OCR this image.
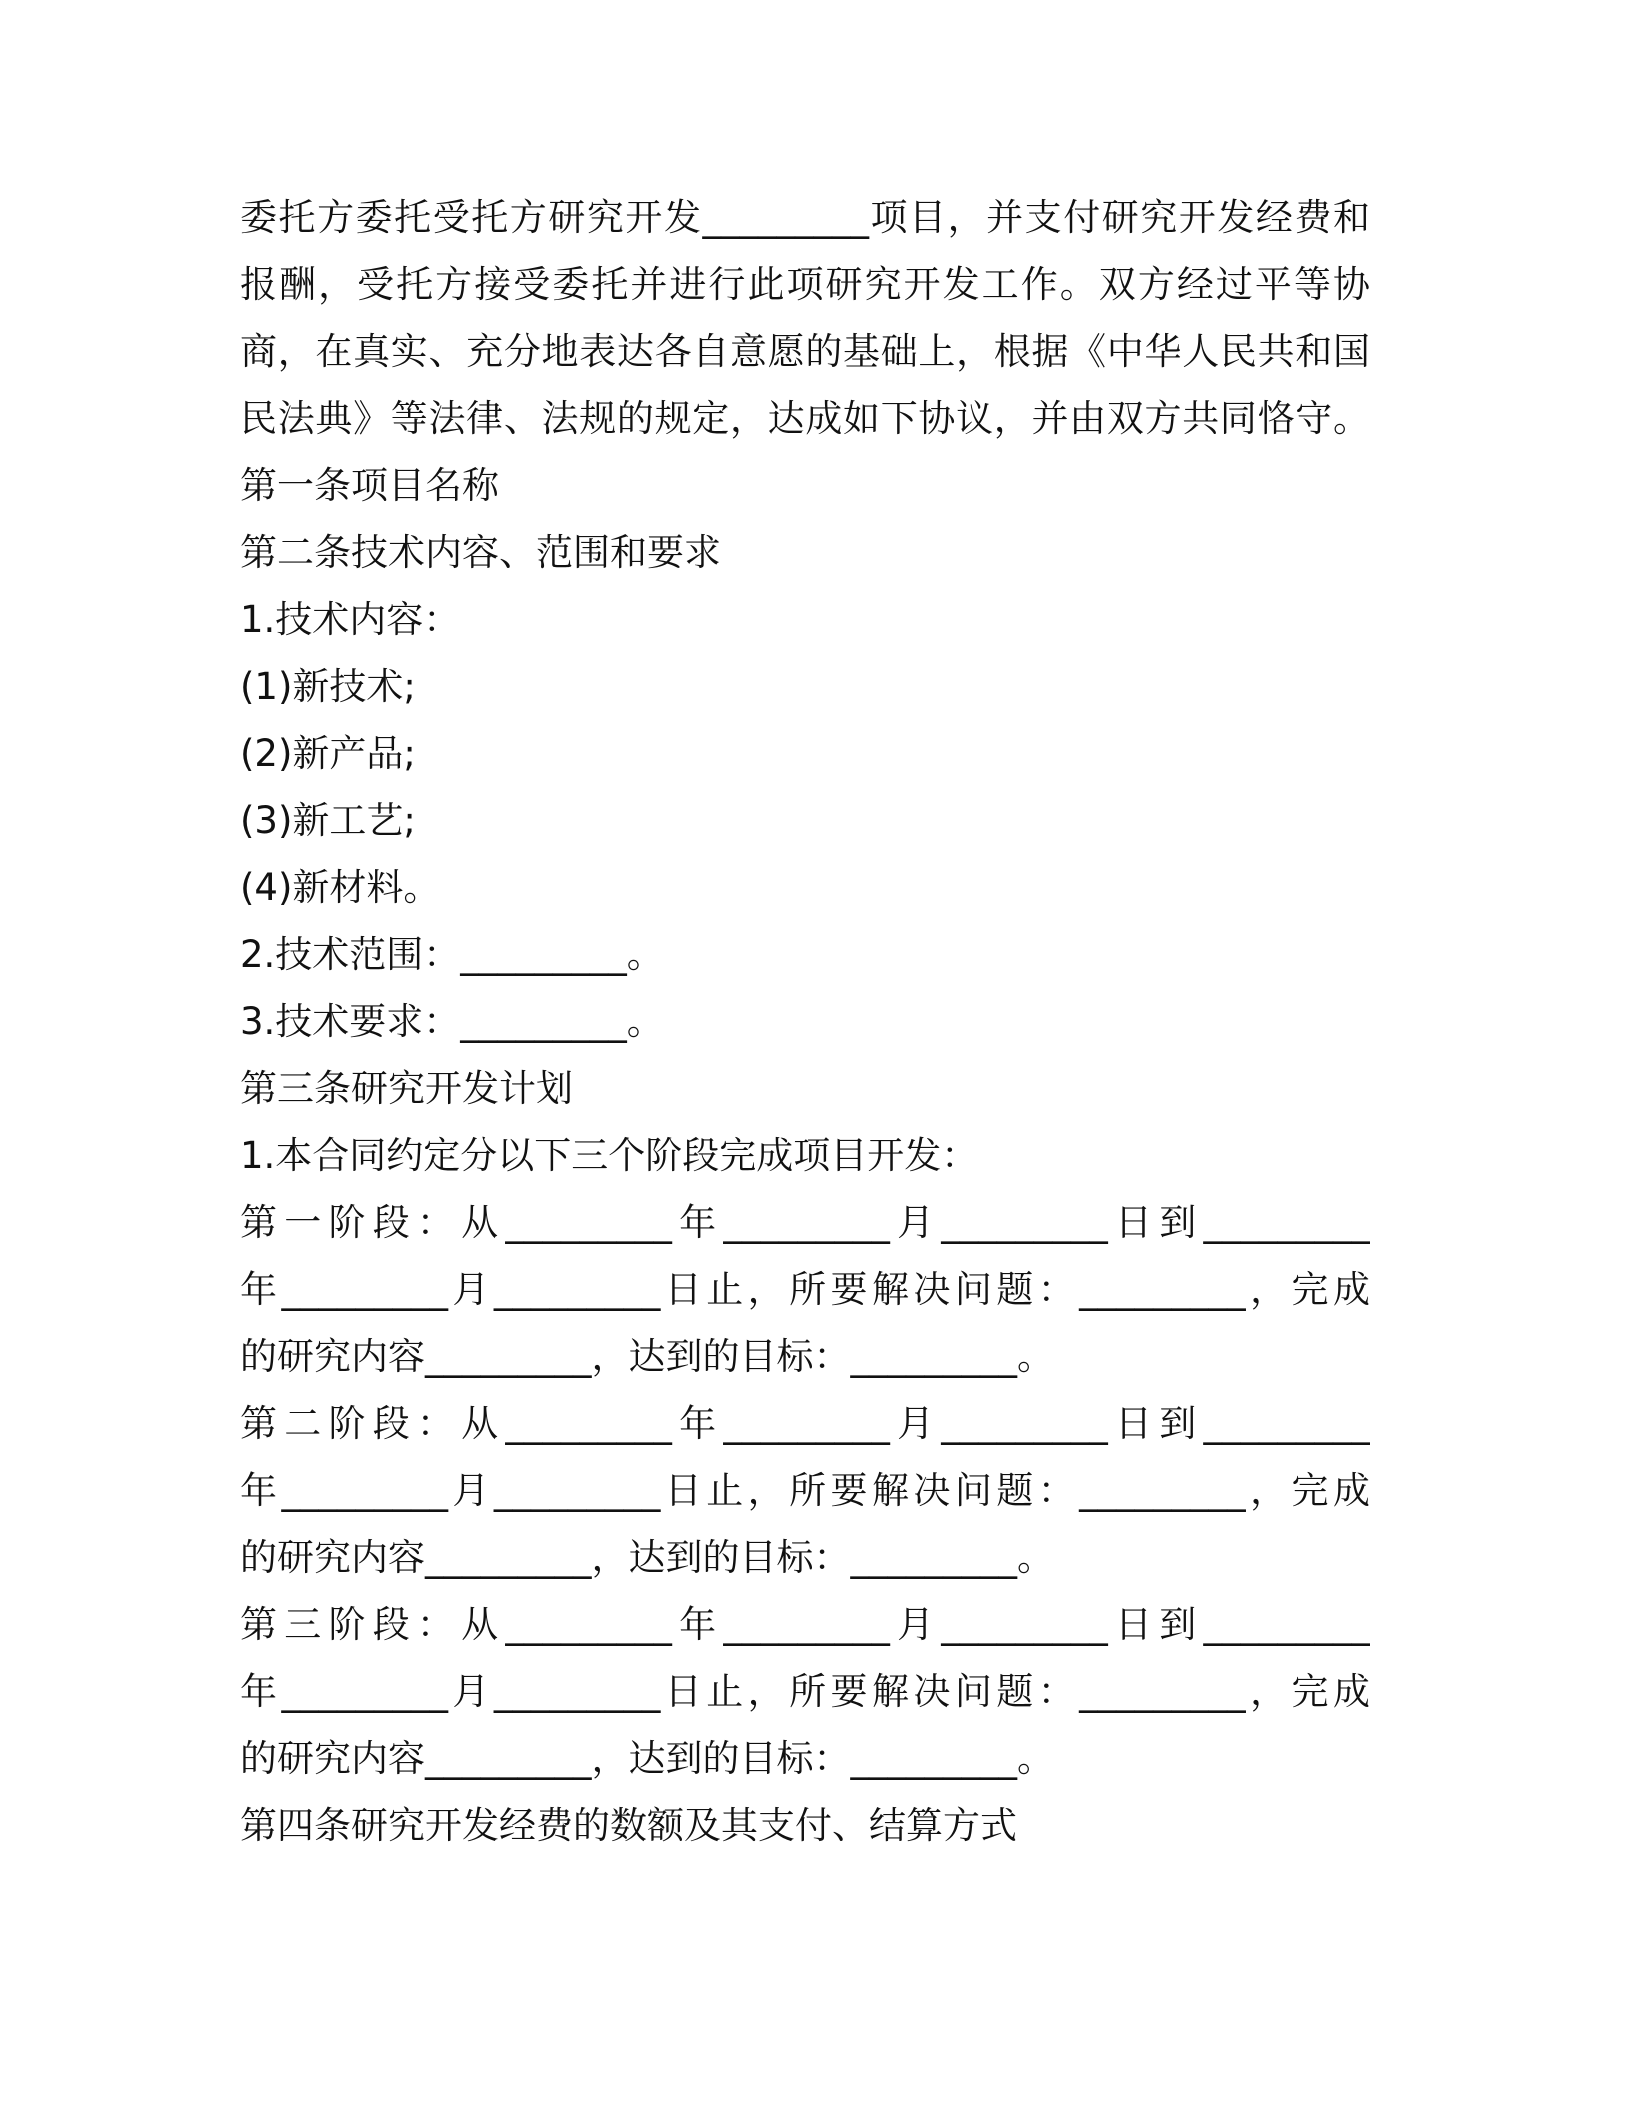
委托方委托受托方研究开发_________项目，并支付研究开发经费和
报酬，受托方接受委托并进行此项研究开发工作。双方经过平等协
商，在真实、充分地表达各自意愿的基础上，根据《中华人民共和国
民法典》等法律、法规的规定，达成如下协议，并由双方共同恪守。
第一条项目名称
第二条技术内容、范围和要求
1.技术内容：
(1)新技术;
(2)新产品;
(3)新工艺;
(4)新材料。
2.技术范围：_________。
3.技术要求：_________。
第三条研究开发计划
1.本合同约定分以下三个阶段完成项目开发：
第一阶段：从_________年_________月_________日到_________
年_________月_________日止，所要解决问题：_________，完成
的研究内容_________，达到的目标：_________。
第二阶段：从_________年_________月_________日到_________
年_________月_________日止，所要解决问题：_________，完成
的研究内容_________，达到的目标：_________。
第三阶段：从_________年_________月_________日到_________
年_________月_________日止，所要解决问题：_________，完成
的研究内容_________，达到的目标：_________。
第四条研究开发经费的数额及其支付、结算方式
